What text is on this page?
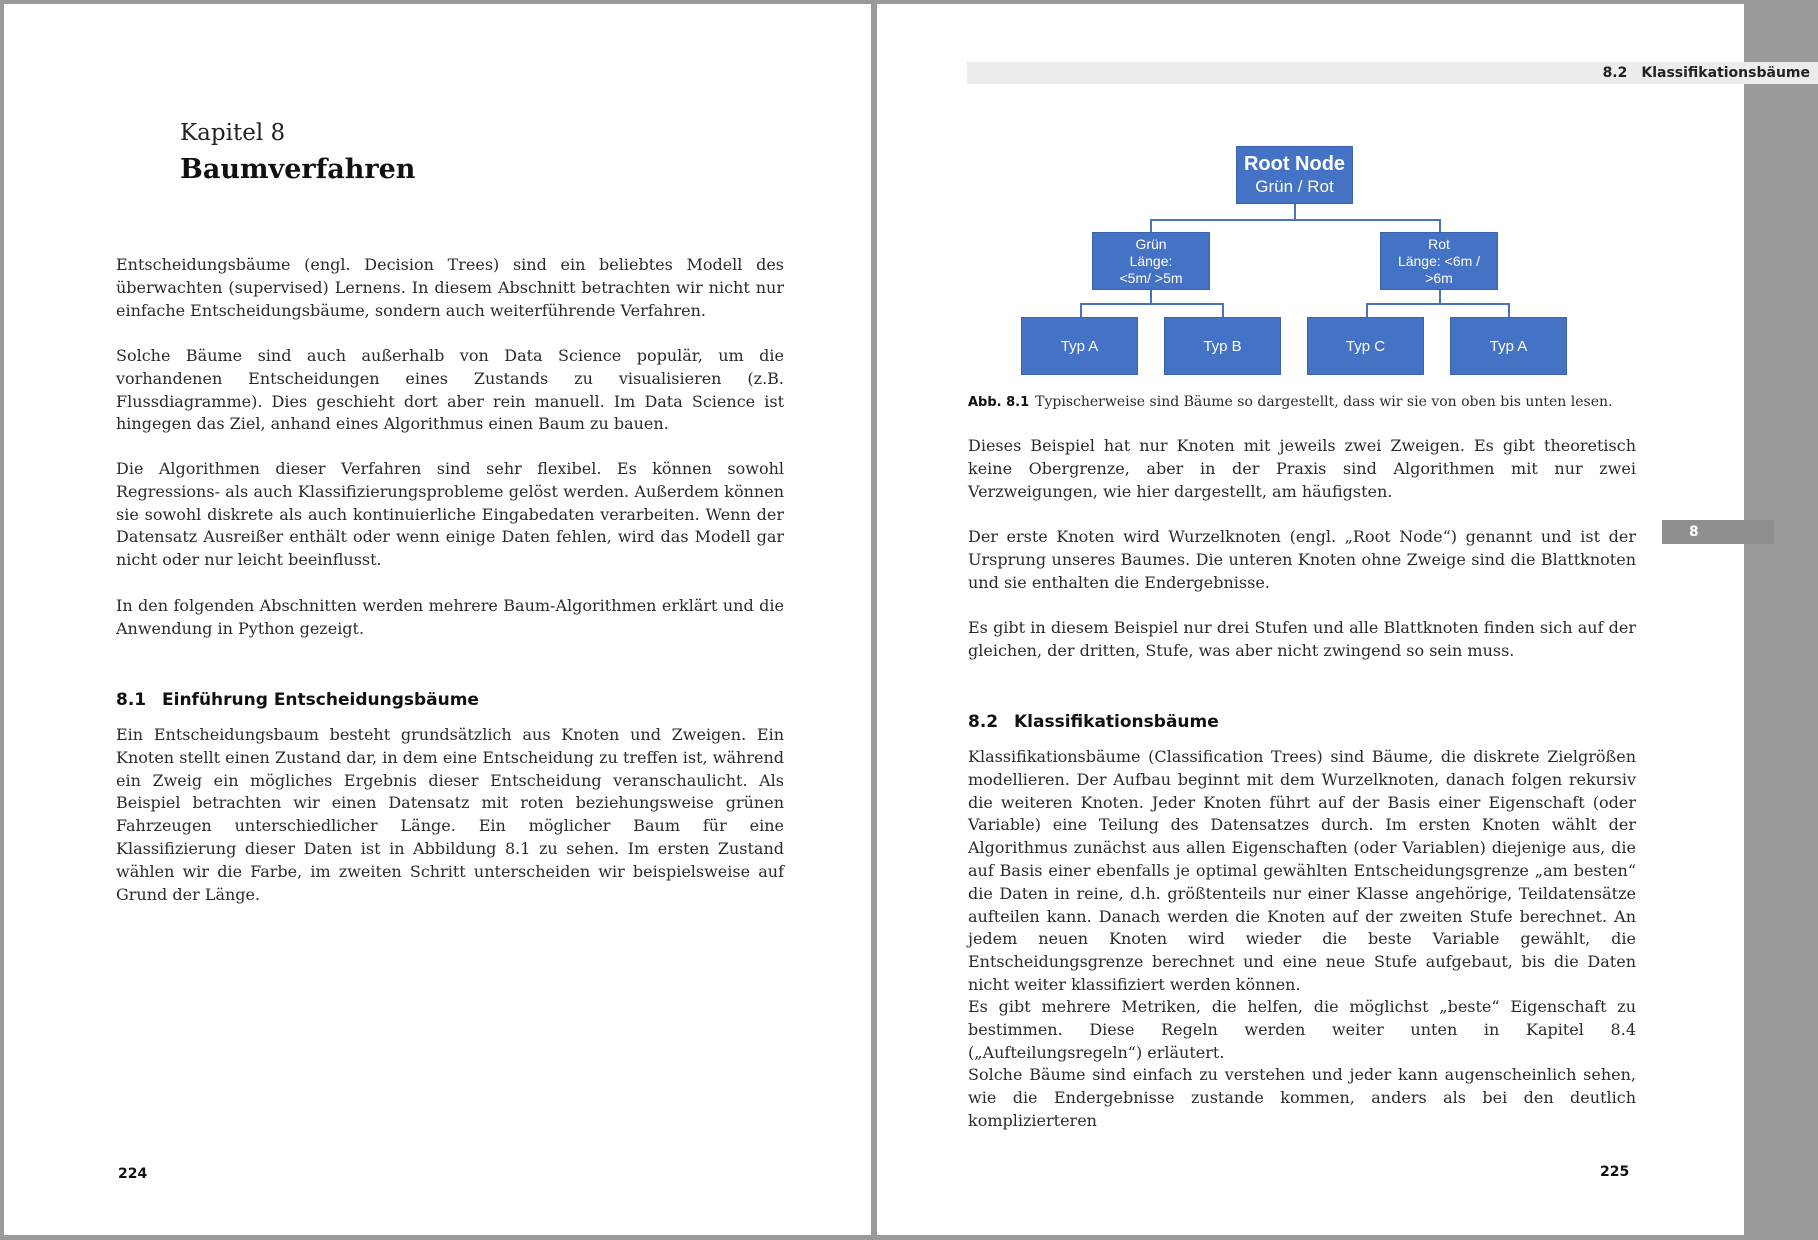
Kapitel 8
Baumverfahren

Entscheidungsbäume (engl. Decision Trees) sind ein beliebtes Modell des überwachten (supervised) Lernens. In diesem Abschnitt betrachten wir nicht nur einfache Entscheidungsbäume, sondern auch weiterführende Verfahren.

Solche Bäume sind auch außerhalb von Data Science populär, um die vorhandenen Entscheidungen eines Zustands zu visualisieren (z.B. Flussdiagramme). Dies geschieht dort aber rein manuell. Im Data Science ist hingegen das Ziel, anhand eines Algorithmus einen Baum zu bauen.

Die Algorithmen dieser Verfahren sind sehr flexibel. Es können sowohl Regressions- als auch Klassifizierungsprobleme gelöst werden. Außerdem können sie sowohl diskrete als auch kontinuierliche Eingabedaten verarbeiten. Wenn der Datensatz Ausreißer enthält oder wenn einige Daten fehlen, wird das Modell gar nicht oder nur leicht beeinflusst.

In den folgenden Abschnitten werden mehrere Baum-Algorithmen erklärt und die Anwendung in Python gezeigt.

8.1 Einführung Entscheidungsbäume

Ein Entscheidungsbaum besteht grundsätzlich aus Knoten und Zweigen. Ein Knoten stellt einen Zustand dar, in dem eine Entscheidung zu treffen ist, während ein Zweig ein mögliches Ergebnis dieser Entscheidung veranschaulicht. Als Beispiel betrachten wir einen Datensatz mit roten beziehungsweise grünen Fahrzeugen unterschiedlicher Länge. Ein möglicher Baum für eine Klassifizierung dieser Daten ist in Abbildung 8.1 zu sehen. Im ersten Zustand wählen wir die Farbe, im zweiten Schritt unterscheiden wir beispielsweise auf Grund der Länge.

224
8.2 Klassifikationsbäume
Root Node
Grün / Rot
Grün
Länge:
<5m/ >5m
Rot
Länge: <6m /
>6m
Typ A	Typ B	Typ C	Typ A
Abb. 8.1 Typischerweise sind Bäume so dargestellt, dass wir sie von oben bis unten lesen.

Dieses Beispiel hat nur Knoten mit jeweils zwei Zweigen. Es gibt theoretisch keine Obergrenze, aber in der Praxis sind Algorithmen mit nur zwei Verzweigungen, wie hier dargestellt, am häufigsten.

Der erste Knoten wird Wurzelknoten (engl. „Root Node“) genannt und ist der Ursprung unseres Baumes. Die unteren Knoten ohne Zweige sind die Blattknoten und sie enthalten die Endergebnisse.

Es gibt in diesem Beispiel nur drei Stufen und alle Blattknoten finden sich auf der gleichen, der dritten, Stufe, was aber nicht zwingend so sein muss.

8.2 Klassifikationsbäume

Klassifikationsbäume (Classification Trees) sind Bäume, die diskrete Zielgrößen modellieren. Der Aufbau beginnt mit dem Wurzelknoten, danach folgen rekursiv die weiteren Knoten. Jeder Knoten führt auf der Basis einer Eigenschaft (oder Variable) eine Teilung des Datensatzes durch. Im ersten Knoten wählt der Algorithmus zunächst aus allen Eigenschaften (oder Variablen) diejenige aus, die auf Basis einer ebenfalls je optimal gewählten Entscheidungsgrenze „am besten“ die Daten in reine, d.h. größtenteils nur einer Klasse angehörige, Teildatensätze aufteilen kann. Danach werden die Knoten auf der zweiten Stufe berechnet. An jedem neuen Knoten wird wieder die beste Variable gewählt, die Entscheidungsgrenze berechnet und eine neue Stufe aufgebaut, bis die Daten nicht weiter klassifiziert werden können.

Es gibt mehrere Metriken, die helfen, die möglichst „beste“ Eigenschaft zu bestimmen. Diese Regeln werden weiter unten in Kapitel 8.4 („Aufteilungsregeln“) erläutert.

Solche Bäume sind einfach zu verstehen und jeder kann augenscheinlich sehen, wie die Endergebnisse zustande kommen, anders als bei den deutlich komplizierteren

225
8
